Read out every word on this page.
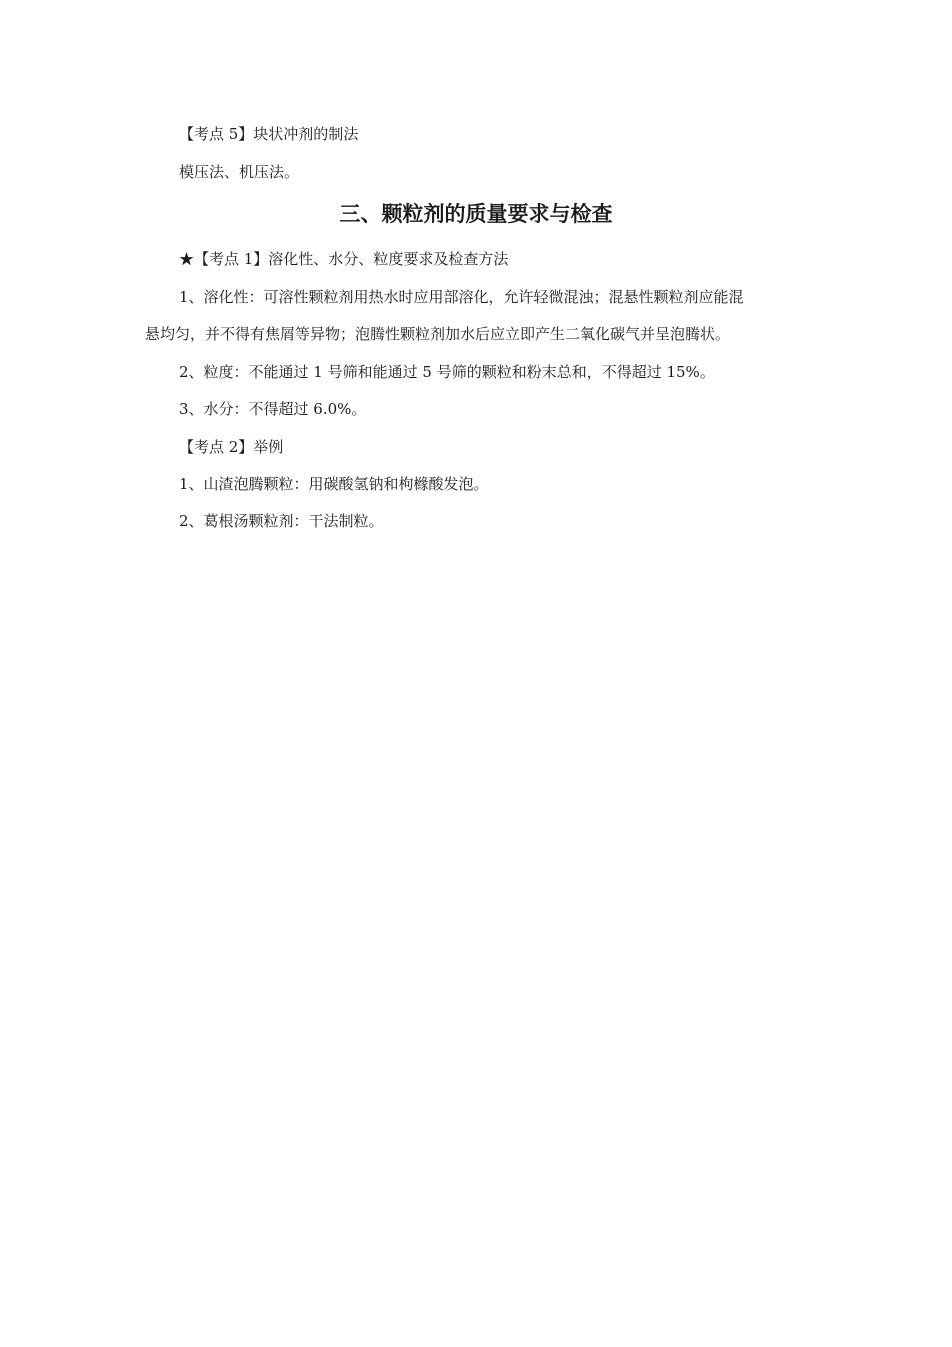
【考点 5】块状冲剂的制法
模压法、机压法。
三、颗粒剂的质量要求与检查
★【考点 1】溶化性、水分、粒度要求及检查方法
1、溶化性：可溶性颗粒剂用热水时应用部溶化，允许轻微混浊；混悬性颗粒剂应能混
悬均匀，并不得有焦屑等异物；泡腾性颗粒剂加水后应立即产生二氧化碳气并呈泡腾状。
2、粒度：不能通过 1 号筛和能通过 5 号筛的颗粒和粉末总和，不得超过 15%。
3、水分：不得超过 6.0%。
【考点 2】举例
1、山渣泡腾颗粒：用碳酸氢钠和枸橼酸发泡。
2、葛根汤颗粒剂：干法制粒。
